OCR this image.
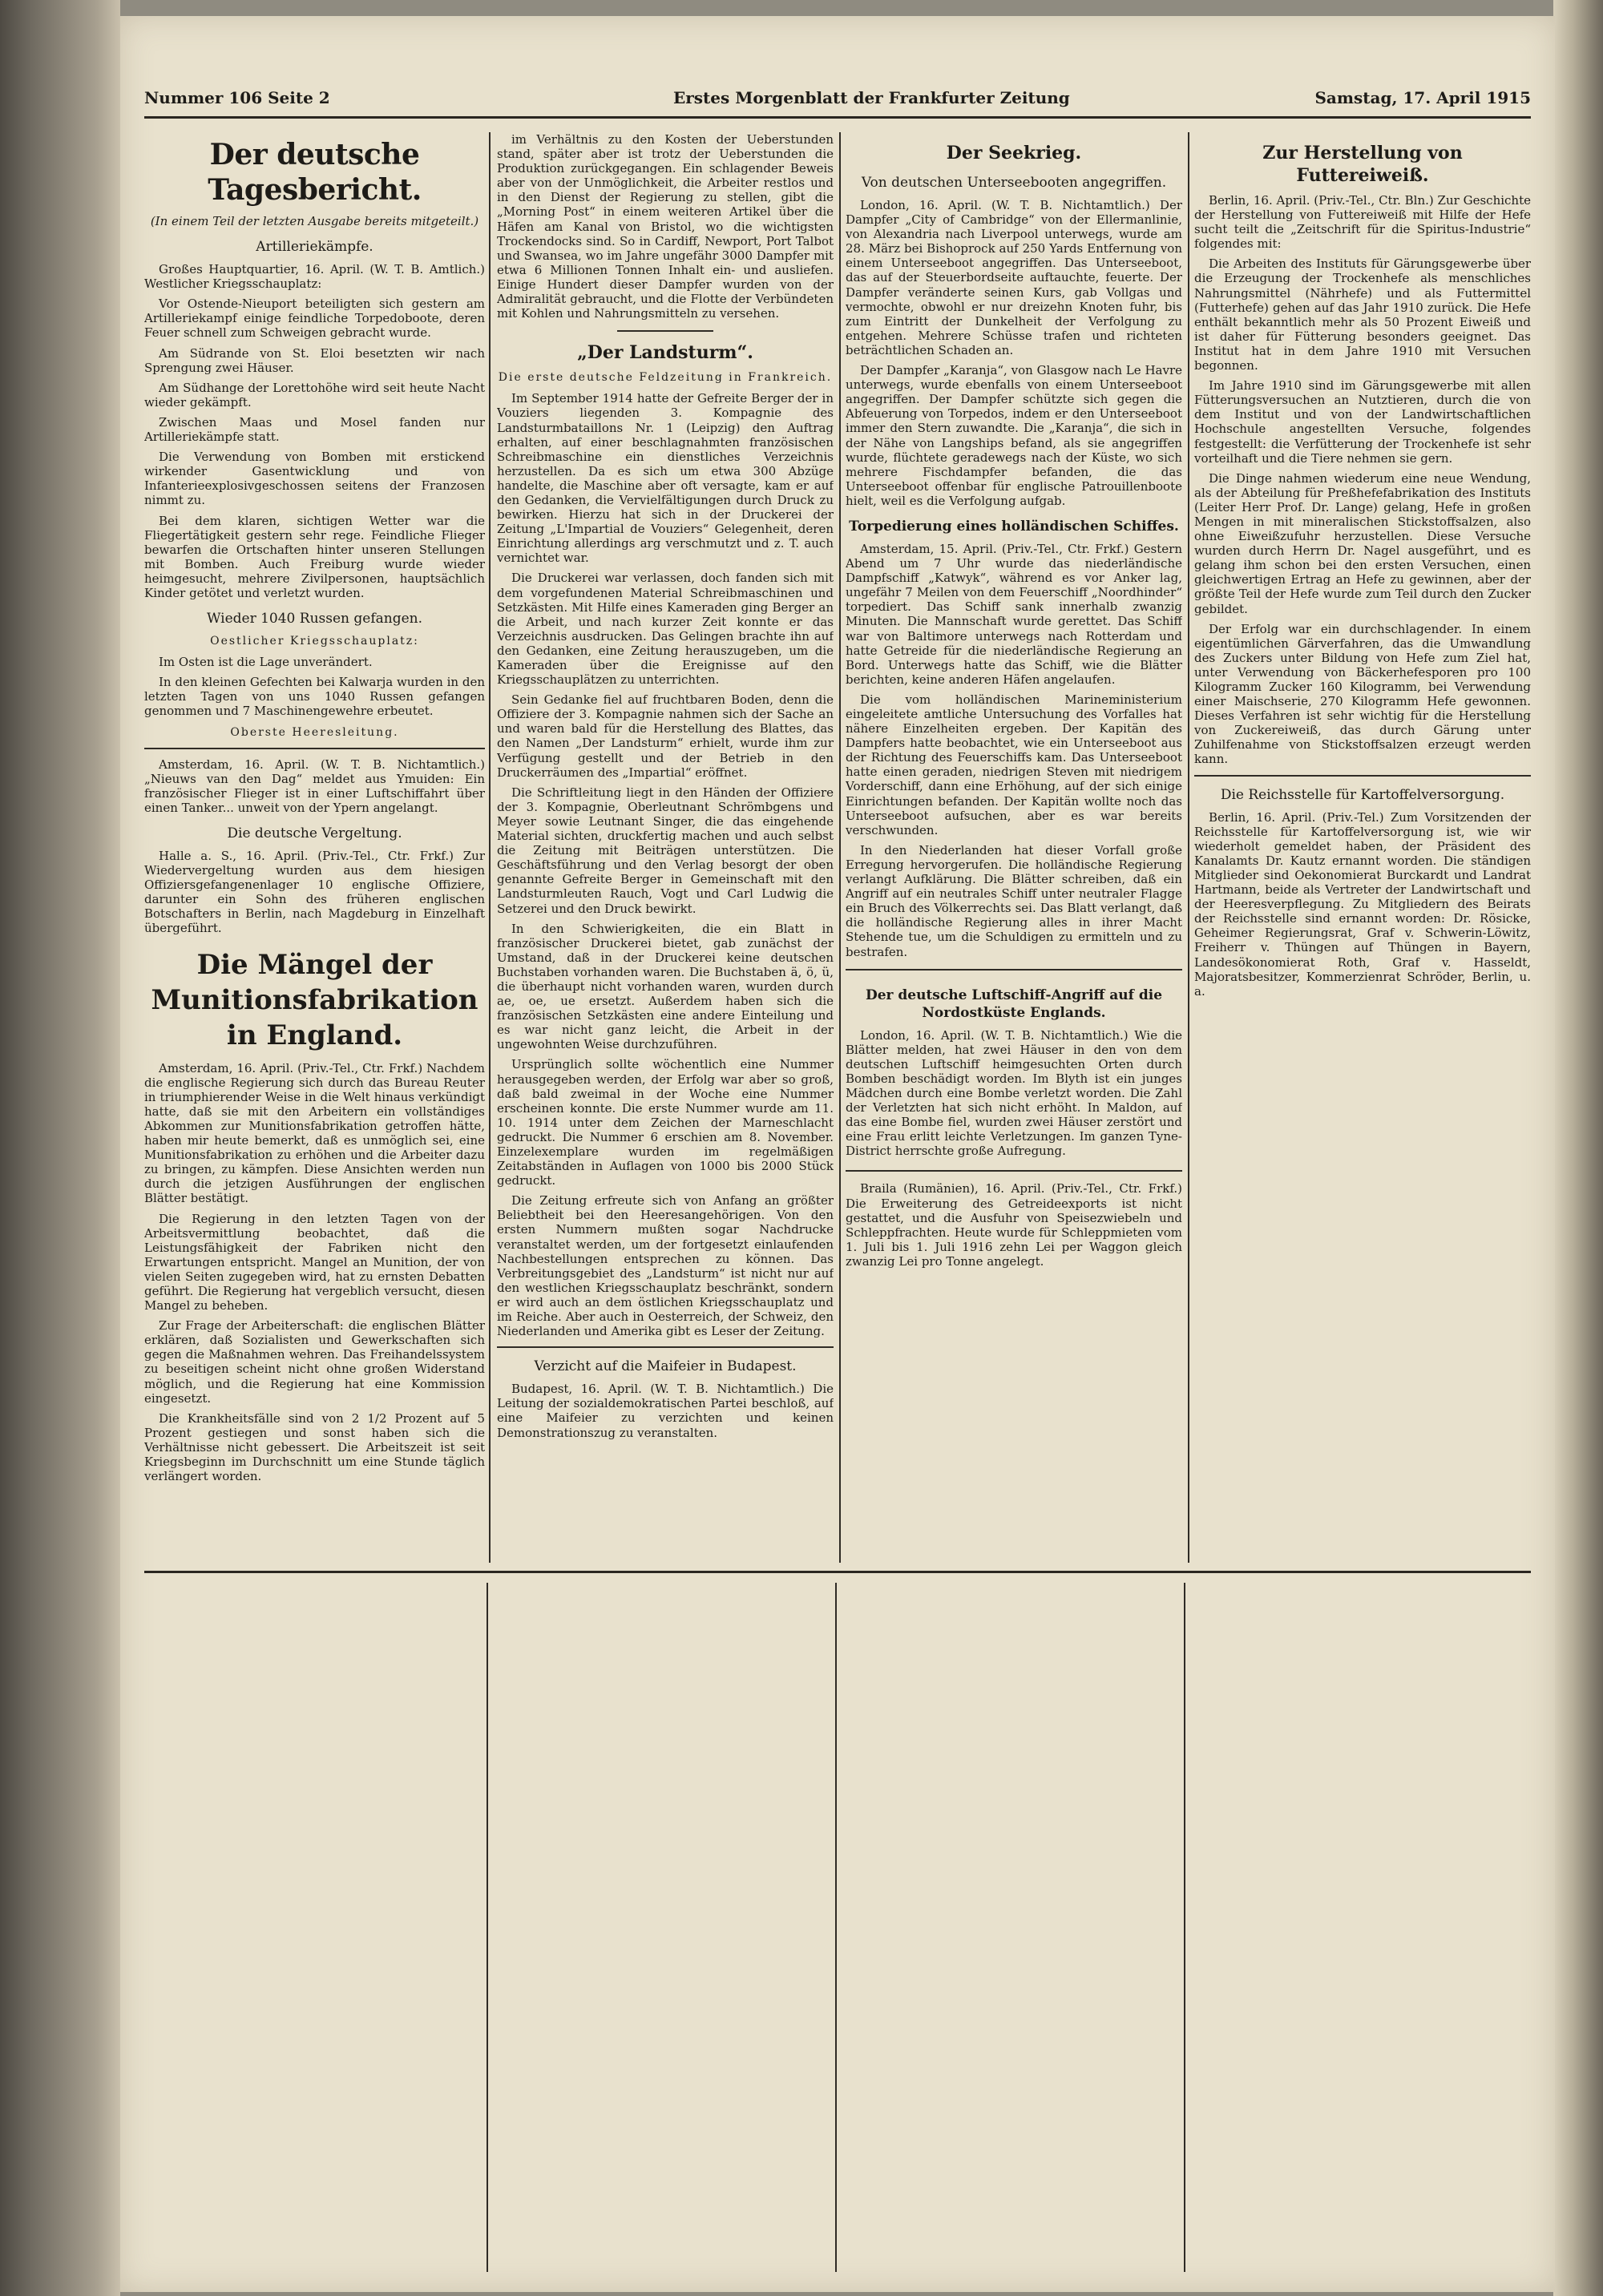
Nummer 106 Seite 2	Erstes Morgenblatt der Frankfurter Zeitung	Samstag, 17. April 1915
Der deutsche Tagesbericht.
(In einem Teil der letzten Ausgabe bereits mitgeteilt.)
Artilleriekämpfe.

Großes Hauptquartier, 16. April. (W. T. B. Amtlich.) Westlicher Kriegsschauplatz:

Vor Ostende-Nieuport beteiligten sich gestern am Artilleriekampf einige feindliche Torpedoboote, deren Feuer schnell zum Schweigen gebracht wurde.

Am Südrande von St. Eloi besetzten wir nach Sprengung zwei Häuser.

Am Südhange der Lorettohöhe wird seit heute Nacht wieder gekämpft.

Zwischen Maas und Mosel fanden nur Artilleriekämpfe statt.

Die Verwendung von Bomben mit erstickend wirkender Gasentwicklung und von Infanterieexplosivgeschossen seitens der Franzosen nimmt zu.

Bei dem klaren, sichtigen Wetter war die Fliegertätigkeit gestern sehr rege. Feindliche Flieger bewarfen die Ortschaften hinter unseren Stellungen mit Bomben. Auch Freiburg wurde wieder heimgesucht, mehrere Zivilpersonen, hauptsächlich Kinder getötet und verletzt wurden.

Wieder 1040 Russen gefangen.
Oestlicher Kriegsschauplatz:

Im Osten ist die Lage unverändert.

In den kleinen Gefechten bei Kalwarja wurden in den letzten Tagen von uns 1040 Russen gefangen genommen und 7 Maschinengewehre erbeutet.

Oberste Heeresleitung.

Amsterdam, 16. April. (W. T. B. Nichtamtlich.) „Nieuws van den Dag“ meldet aus Ymuiden: Ein französischer Flieger ist in einer Luftschiffahrt über einen Tanker... unweit von der Ypern angelangt.

Die deutsche Vergeltung.

Halle a. S., 16. April. (Priv.-Tel., Ctr. Frkf.) Zur Wiedervergeltung wurden aus dem hiesigen Offiziersgefangenenlager 10 englische Offiziere, darunter ein Sohn des früheren englischen Botschafters in Berlin, nach Magdeburg in Einzelhaft übergeführt.

Die Mängel der Munitionsfabrikation in England.

Amsterdam, 16. April. (Priv.-Tel., Ctr. Frkf.) Nachdem die englische Regierung sich durch das Bureau Reuter in triumphierender Weise in die Welt hinaus verkündigt hatte, daß sie mit den Arbeitern ein vollständiges Abkommen zur Munitionsfabrikation getroffen hätte, haben mir heute bemerkt, daß es unmöglich sei, eine Munitionsfabrikation zu erhöhen und die Arbeiter dazu zu bringen, zu kämpfen. Diese Ansichten werden nun durch die jetzigen Ausführungen der englischen Blätter bestätigt.

Die Regierung in den letzten Tagen von der Arbeitsvermittlung beobachtet, daß die Leistungsfähigkeit der Fabriken nicht den Erwartungen entspricht. Mangel an Munition, der von vielen Seiten zugegeben wird, hat zu ernsten Debatten geführt. Die Regierung hat vergeblich versucht, diesen Mangel zu beheben.

Zur Frage der Arbeiterschaft: die englischen Blätter erklären, daß Sozialisten und Gewerkschaften sich gegen die Maßnahmen wehren. Das Freihandelssystem zu beseitigen scheint nicht ohne großen Widerstand möglich, und die Regierung hat eine Kommission eingesetzt.

Die Krankheitsfälle sind von 2 1/2 Prozent auf 5 Prozent gestiegen und sonst haben sich die Verhältnisse nicht gebessert. Die Arbeitszeit ist seit Kriegsbeginn im Durchschnitt um eine Stunde täglich verlängert worden.

im Verhältnis zu den Kosten der Ueberstunden stand, später aber ist trotz der Ueberstunden die Produktion zurückgegangen. Ein schlagender Beweis aber von der Unmöglichkeit, die Arbeiter restlos und in den Dienst der Regierung zu stellen, gibt die „Morning Post“ in einem weiteren Artikel über die Häfen am Kanal von Bristol, wo die wichtigsten Trockendocks sind. So in Cardiff, Newport, Port Talbot und Swansea, wo im Jahre ungefähr 3000 Dampfer mit etwa 6 Millionen Tonnen Inhalt ein- und ausliefen. Einige Hundert dieser Dampfer wurden von der Admiralität gebraucht, und die Flotte der Verbündeten mit Kohlen und Nahrungsmitteln zu versehen.

„Der Landsturm“.
Die erste deutsche Feldzeitung in Frankreich.

Im September 1914 hatte der Gefreite Berger der in Vouziers liegenden 3. Kompagnie des Landsturmbataillons Nr. 1 (Leipzig) den Auftrag erhalten, auf einer beschlagnahmten französischen Schreibmaschine ein dienstliches Verzeichnis herzustellen. Da es sich um etwa 300 Abzüge handelte, die Maschine aber oft versagte, kam er auf den Gedanken, die Vervielfältigungen durch Druck zu bewirken. Hierzu hat sich in der Druckerei der Zeitung „L'Impartial de Vouziers“ Gelegenheit, deren Einrichtung allerdings arg verschmutzt und z. T. auch vernichtet war.

Die Druckerei war verlassen, doch fanden sich mit dem vorgefundenen Material Schreibmaschinen und Setzkästen. Mit Hilfe eines Kameraden ging Berger an die Arbeit, und nach kurzer Zeit konnte er das Verzeichnis ausdrucken. Das Gelingen brachte ihn auf den Gedanken, eine Zeitung herauszugeben, um die Kameraden über die Ereignisse auf den Kriegsschauplätzen zu unterrichten.

Sein Gedanke fiel auf fruchtbaren Boden, denn die Offiziere der 3. Kompagnie nahmen sich der Sache an und waren bald für die Herstellung des Blattes, das den Namen „Der Landsturm“ erhielt, wurde ihm zur Verfügung gestellt und der Betrieb in den Druckerräumen des „Impartial“ eröffnet.

Die Schriftleitung liegt in den Händen der Offiziere der 3. Kompagnie, Oberleutnant Schrömbgens und Meyer sowie Leutnant Singer, die das eingehende Material sichten, druckfertig machen und auch selbst die Zeitung mit Beiträgen unterstützen. Die Geschäftsführung und den Verlag besorgt der oben genannte Gefreite Berger in Gemeinschaft mit den Landsturmleuten Rauch, Vogt und Carl Ludwig die Setzerei und den Druck bewirkt.

In den Schwierigkeiten, die ein Blatt in französischer Druckerei bietet, gab zunächst der Umstand, daß in der Druckerei keine deutschen Buchstaben vorhanden waren. Die Buchstaben ä, ö, ü, die überhaupt nicht vorhanden waren, wurden durch ae, oe, ue ersetzt. Außerdem haben sich die französischen Setzkästen eine andere Einteilung und es war nicht ganz leicht, die Arbeit in der ungewohnten Weise durchzuführen.

Ursprünglich sollte wöchentlich eine Nummer herausgegeben werden, der Erfolg war aber so groß, daß bald zweimal in der Woche eine Nummer erscheinen konnte. Die erste Nummer wurde am 11. 10. 1914 unter dem Zeichen der Marneschlacht gedruckt. Die Nummer 6 erschien am 8. November. Einzelexemplare wurden im regelmäßigen Zeitabständen in Auflagen von 1000 bis 2000 Stück gedruckt.

Die Zeitung erfreute sich von Anfang an größter Beliebtheit bei den Heeresangehörigen. Von den ersten Nummern mußten sogar Nachdrucke veranstaltet werden, um der fortgesetzt einlaufenden Nachbestellungen entsprechen zu können. Das Verbreitungsgebiet des „Landsturm“ ist nicht nur auf den westlichen Kriegsschauplatz beschränkt, sondern er wird auch an dem östlichen Kriegsschauplatz und im Reiche. Aber auch in Oesterreich, der Schweiz, den Niederlanden und Amerika gibt es Leser der Zeitung.

Verzicht auf die Maifeier in Budapest.

Budapest, 16. April. (W. T. B. Nichtamtlich.) Die Leitung der sozialdemokratischen Partei beschloß, auf eine Maifeier zu verzichten und keinen Demonstrationszug zu veranstalten.

Der Seekrieg.
Von deutschen Unterseebooten angegriffen.

London, 16. April. (W. T. B. Nichtamtlich.) Der Dampfer „City of Cambridge“ von der Ellermanlinie, von Alexandria nach Liverpool unterwegs, wurde am 28. März bei Bishoprock auf 250 Yards Entfernung von einem Unterseeboot angegriffen. Das Unterseeboot, das auf der Steuerbordseite auftauchte, feuerte. Der Dampfer veränderte seinen Kurs, gab Vollgas und vermochte, obwohl er nur dreizehn Knoten fuhr, bis zum Eintritt der Dunkelheit der Verfolgung zu entgehen. Mehrere Schüsse trafen und richteten beträchtlichen Schaden an.

Der Dampfer „Karanja“, von Glasgow nach Le Havre unterwegs, wurde ebenfalls von einem Unterseeboot angegriffen. Der Dampfer schützte sich gegen die Abfeuerung von Torpedos, indem er den Unterseeboot immer den Stern zuwandte. Die „Karanja“, die sich in der Nähe von Langships befand, als sie angegriffen wurde, flüchtete geradewegs nach der Küste, wo sich mehrere Fischdampfer befanden, die das Unterseeboot offenbar für englische Patrouillenboote hielt, weil es die Verfolgung aufgab.

Torpedierung eines holländischen Schiffes.

Amsterdam, 15. April. (Priv.-Tel., Ctr. Frkf.) Gestern Abend um 7 Uhr wurde das niederländische Dampfschiff „Katwyk“, während es vor Anker lag, ungefähr 7 Meilen von dem Feuerschiff „Noordhinder“ torpediert. Das Schiff sank innerhalb zwanzig Minuten. Die Mannschaft wurde gerettet. Das Schiff war von Baltimore unterwegs nach Rotterdam und hatte Getreide für die niederländische Regierung an Bord. Unterwegs hatte das Schiff, wie die Blätter berichten, keine anderen Häfen angelaufen.

Die vom holländischen Marineministerium eingeleitete amtliche Untersuchung des Vorfalles hat nähere Einzelheiten ergeben. Der Kapitän des Dampfers hatte beobachtet, wie ein Unterseeboot aus der Richtung des Feuerschiffs kam. Das Unterseeboot hatte einen geraden, niedrigen Steven mit niedrigem Vorderschiff, dann eine Erhöhung, auf der sich einige Einrichtungen befanden. Der Kapitän wollte noch das Unterseeboot aufsuchen, aber es war bereits verschwunden.

In den Niederlanden hat dieser Vorfall große Erregung hervorgerufen. Die holländische Regierung verlangt Aufklärung. Die Blätter schreiben, daß ein Angriff auf ein neutrales Schiff unter neutraler Flagge ein Bruch des Völkerrechts sei. Das Blatt verlangt, daß die holländische Regierung alles in ihrer Macht Stehende tue, um die Schuldigen zu ermitteln und zu bestrafen.

Der deutsche Luftschiff-Angriff auf die Nordostküste Englands.

London, 16. April. (W. T. B. Nichtamtlich.) Wie die Blätter melden, hat zwei Häuser in den von dem deutschen Luftschiff heimgesuchten Orten durch Bomben beschädigt worden. Im Blyth ist ein junges Mädchen durch eine Bombe verletzt worden. Die Zahl der Verletzten hat sich nicht erhöht. In Maldon, auf das eine Bombe fiel, wurden zwei Häuser zerstört und eine Frau erlitt leichte Verletzungen. Im ganzen Tyne-District herrschte große Aufregung.

Braila (Rumänien), 16. April. (Priv.-Tel., Ctr. Frkf.) Die Erweiterung des Getreideexports ist nicht gestattet, und die Ausfuhr von Speisezwiebeln und Schleppfrachten. Heute wurde für Schleppmieten vom 1. Juli bis 1. Juli 1916 zehn Lei per Waggon gleich zwanzig Lei pro Tonne angelegt.

Zur Herstellung von Futtereiweiß.

Berlin, 16. April. (Priv.-Tel., Ctr. Bln.) Zur Geschichte der Herstellung von Futtereiweiß mit Hilfe der Hefe sucht teilt die „Zeitschrift für die Spiritus-Industrie“ folgendes mit:

Die Arbeiten des Instituts für Gärungsgewerbe über die Erzeugung der Trockenhefe als menschliches Nahrungsmittel (Nährhefe) und als Futtermittel (Futterhefe) gehen auf das Jahr 1910 zurück. Die Hefe enthält bekanntlich mehr als 50 Prozent Eiweiß und ist daher für Fütterung besonders geeignet. Das Institut hat in dem Jahre 1910 mit Versuchen begonnen.

Im Jahre 1910 sind im Gärungsgewerbe mit allen Fütterungsversuchen an Nutztieren, durch die von dem Institut und von der Landwirtschaftlichen Hochschule angestellten Versuche, folgendes festgestellt: die Verfütterung der Trockenhefe ist sehr vorteilhaft und die Tiere nehmen sie gern.

Die Dinge nahmen wiederum eine neue Wendung, als der Abteilung für Preßhefefabrikation des Instituts (Leiter Herr Prof. Dr. Lange) gelang, Hefe in großen Mengen in mit mineralischen Stickstoffsalzen, also ohne Eiweißzufuhr herzustellen. Diese Versuche wurden durch Herrn Dr. Nagel ausgeführt, und es gelang ihm schon bei den ersten Versuchen, einen gleichwertigen Ertrag an Hefe zu gewinnen, aber der größte Teil der Hefe wurde zum Teil durch den Zucker gebildet.

Der Erfolg war ein durchschlagender. In einem eigentümlichen Gärverfahren, das die Umwandlung des Zuckers unter Bildung von Hefe zum Ziel hat, unter Verwendung von Bäckerhefesporen pro 100 Kilogramm Zucker 160 Kilogramm, bei Verwendung einer Maischserie, 270 Kilogramm Hefe gewonnen. Dieses Verfahren ist sehr wichtig für die Herstellung von Zuckereiweiß, das durch Gärung unter Zuhilfenahme von Stickstoffsalzen erzeugt werden kann.

Die Reichsstelle für Kartoffelversorgung.

Berlin, 16. April. (Priv.-Tel.) Zum Vorsitzenden der Reichsstelle für Kartoffelversorgung ist, wie wir wiederholt gemeldet haben, der Präsident des Kanalamts Dr. Kautz ernannt worden. Die ständigen Mitglieder sind Oekonomierat Burckardt und Landrat Hartmann, beide als Vertreter der Landwirtschaft und der Heeresverpflegung. Zu Mitgliedern des Beirats der Reichsstelle sind ernannt worden: Dr. Rösicke, Geheimer Regierungsrat, Graf v. Schwerin-Löwitz, Freiherr v. Thüngen auf Thüngen in Bayern, Landesökonomierat Roth, Graf v. Hasseldt, Majoratsbesitzer, Kommerzienrat Schröder, Berlin, u. a.
